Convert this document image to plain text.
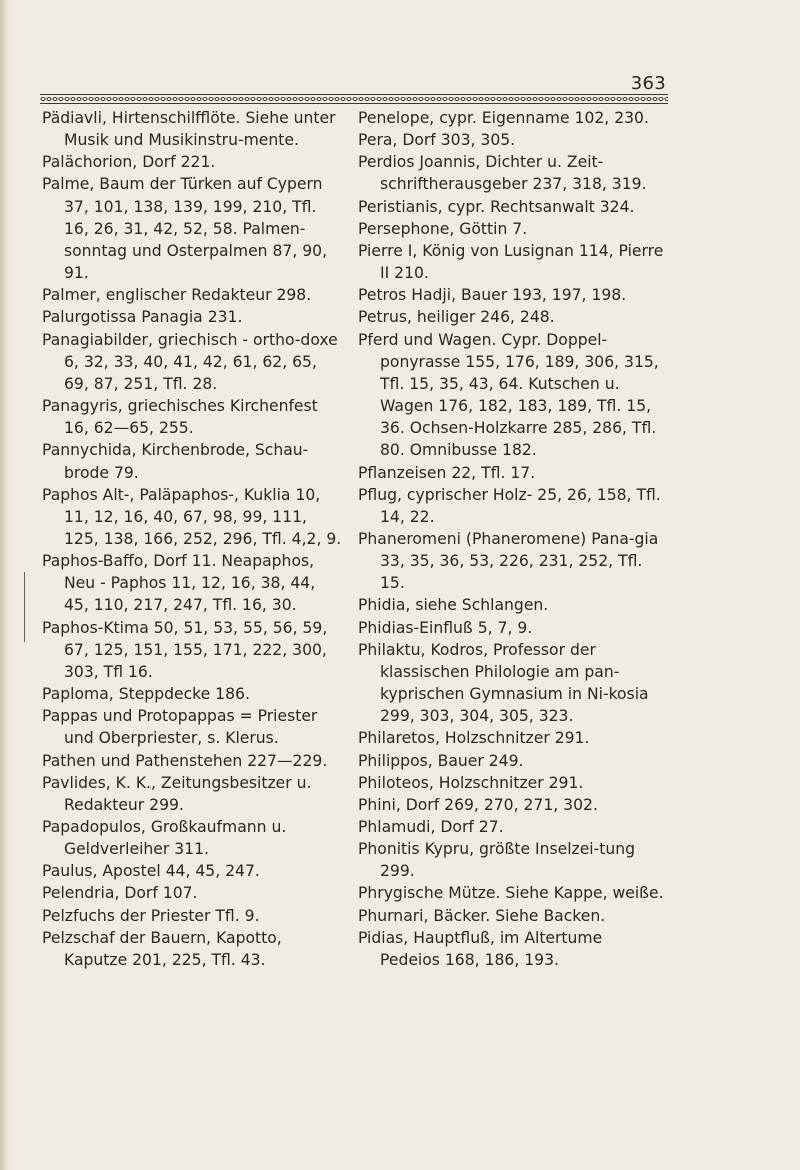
363

Pädiavli, Hirtenschilfflöte. Siehe unter Musik und Musikinstru-mente.

Palächorion, Dorf 221.

Palme, Baum der Türken auf Cypern 37, 101, 138, 139, 199, 210, Tfl. 16, 26, 31, 42, 52, 58. Palmen-sonntag und Osterpalmen 87, 90, 91.

Palmer, englischer Redakteur 298.

Palurgotissa Panagia 231.

Panagiabilder, griechisch - ortho-doxe 6, 32, 33, 40, 41, 42, 61, 62, 65, 69, 87, 251, Tfl. 28.

Panagyris, griechisches Kirchenfest 16, 62—65, 255.

Pannychida, Kirchenbrode, Schau-brode 79.

Paphos Alt-, Paläpaphos-, Kuklia 10, 11, 12, 16, 40, 67, 98, 99, 111, 125, 138, 166, 252, 296, Tfl. 4,2, 9.

Paphos-Baffo, Dorf 11. Neapaphos, Neu - Paphos 11, 12, 16, 38, 44, 45, 110, 217, 247, Tfl. 16, 30.

Paphos-Ktima 50, 51, 53, 55, 56, 59, 67, 125, 151, 155, 171, 222, 300, 303, Tfl 16.

Paploma, Steppdecke 186.

Pappas und Protopappas = Priester und Oberpriester, s. Klerus.

Pathen und Pathenstehen 227—229.

Pavlides, K. K., Zeitungsbesitzer u. Redakteur 299.

Papadopulos, Großkaufmann u. Geldverleiher 311.

Paulus, Apostel 44, 45, 247.

Pelendria, Dorf 107.

Pelzfuchs der Priester Tfl. 9.

Pelzschaf der Bauern, Kapotto, Kaputze 201, 225, Tfl. 43.

Penelope, cypr. Eigenname 102, 230.

Pera, Dorf 303, 305.

Perdios Joannis, Dichter u. Zeit-schriftherausgeber 237, 318, 319.

Peristianis, cypr. Rechtsanwalt 324.

Persephone, Göttin 7.

Pierre I, König von Lusignan 114, Pierre II 210.

Petros Hadji, Bauer 193, 197, 198.

Petrus, heiliger 246, 248.

Pferd und Wagen. Cypr. Doppel-ponyrasse 155, 176, 189, 306, 315, Tfl. 15, 35, 43, 64. Kutschen u. Wagen 176, 182, 183, 189, Tfl. 15, 36. Ochsen-Holzkarre 285, 286, Tfl. 80. Omnibusse 182.

Pflanzeisen 22, Tfl. 17.

Pflug, cyprischer Holz- 25, 26, 158, Tfl. 14, 22.

Phaneromeni (Phaneromene) Pana-gia 33, 35, 36, 53, 226, 231, 252, Tfl. 15.

Phidia, siehe Schlangen.

Phidias-Einfluß 5, 7, 9.

Philaktu, Kodros, Professor der klassischen Philologie am pan-kyprischen Gymnasium in Ni-kosia 299, 303, 304, 305, 323.

Philaretos, Holzschnitzer 291.

Philippos, Bauer 249.

Philoteos, Holzschnitzer 291.

Phini, Dorf 269, 270, 271, 302.

Phlamudi, Dorf 27.

Phonitis Kypru, größte Inselzei-tung 299.

Phrygische Mütze. Siehe Kappe, weiße.

Phurnari, Bäcker. Siehe Backen.

Pidias, Hauptfluß, im Altertume Pedeios 168, 186, 193.
